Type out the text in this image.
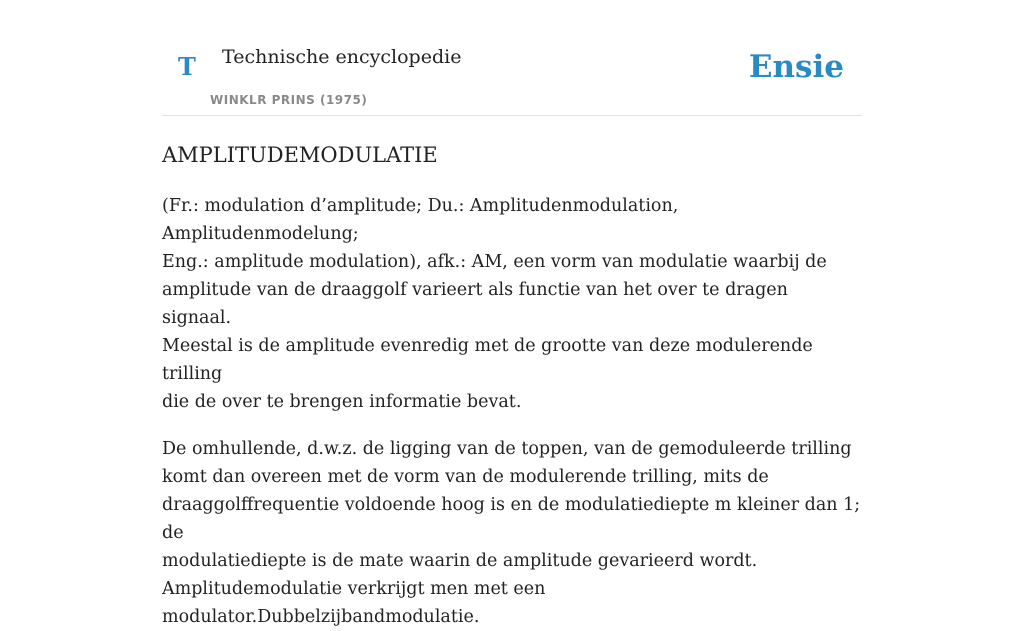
T Technische encyclopedie
WINKLR PRINS (1975)
Ensie
AMPLITUDEMODULATIE

(Fr.: modulation d’amplitude; Du.: Amplitudenmodulation, Amplitudenmodelung;
Eng.: amplitude modulation), afk.: AM, een vorm van modulatie waarbij de
amplitude van de draaggolf varieert als functie van het over te dragen signaal.
Meestal is de amplitude evenredig met de grootte van deze modulerende trilling
die de over te brengen informatie bevat.

De omhullende, d.w.z. de ligging van de toppen, van de gemoduleerde trilling
komt dan overeen met de vorm van de modulerende trilling, mits de
draaggolffrequentie voldoende hoog is en de modulatiediepte m kleiner dan 1; de
modulatiediepte is de mate waarin de amplitude gevarieerd wordt.
Amplitudemodulatie verkrijgt men met een modulator.Dubbelzijbandmodulatie.
